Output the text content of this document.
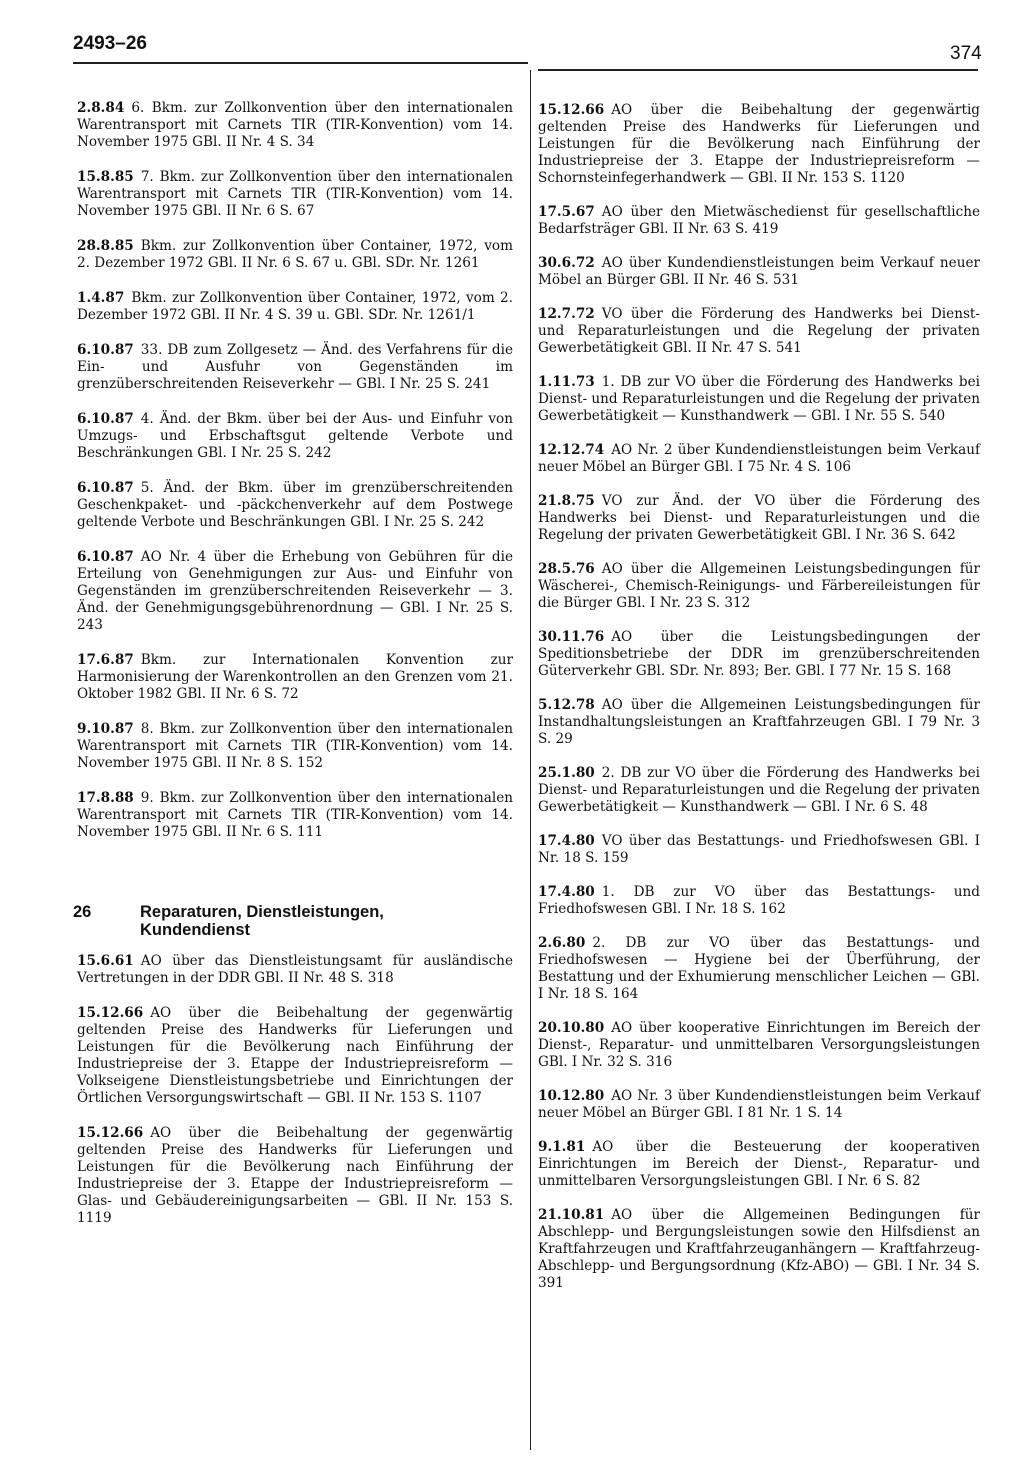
2493–26	374
2.8.84 6. Bkm. zur Zollkonvention über den internationalen Warentransport mit Carnets TIR (TIR-Konvention) vom 14. November 1975 GBl. II Nr. 4 S. 34
15.8.85 7. Bkm. zur Zollkonvention über den internationalen Warentransport mit Carnets TIR (TIR-Konvention) vom 14. November 1975 GBl. II Nr. 6 S. 67
28.8.85 Bkm. zur Zollkonvention über Container, 1972, vom 2. Dezember 1972 GBl. II Nr. 6 S. 67 u. GBl. SDr. Nr. 1261
1.4.87 Bkm. zur Zollkonvention über Container, 1972, vom 2. Dezember 1972 GBl. II Nr. 4 S. 39 u. GBl. SDr. Nr. 1261/1
6.10.87 33. DB zum Zollgesetz — Änd. des Verfahrens für die Ein- und Ausfuhr von Gegenständen im grenzüberschreitenden Reiseverkehr — GBl. I Nr. 25 S. 241
6.10.87 4. Änd. der Bkm. über bei der Aus- und Einfuhr von Umzugs- und Erbschaftsgut geltende Verbote und Beschränkungen GBl. I Nr. 25 S. 242
6.10.87 5. Änd. der Bkm. über im grenzüberschreitenden Geschenkpaket- und -päckchenverkehr auf dem Postwege geltende Verbote und Beschränkungen GBl. I Nr. 25 S. 242
6.10.87 AO Nr. 4 über die Erhebung von Gebühren für die Erteilung von Genehmigungen zur Aus- und Einfuhr von Gegenständen im grenzüberschreitenden Reiseverkehr — 3. Änd. der Genehmigungsgebührenordnung — GBl. I Nr. 25 S. 243
17.6.87 Bkm. zur Internationalen Konvention zur Harmonisierung der Warenkontrollen an den Grenzen vom 21. Oktober 1982 GBl. II Nr. 6 S. 72
9.10.87 8. Bkm. zur Zollkonvention über den internationalen Warentransport mit Carnets TIR (TIR-Konvention) vom 14. November 1975 GBl. II Nr. 8 S. 152
17.8.88 9. Bkm. zur Zollkonvention über den internationalen Warentransport mit Carnets TIR (TIR-Konvention) vom 14. November 1975 GBl. II Nr. 6 S. 111
26	Reparaturen, Dienstleistungen,
Kundendienst
15.6.61 AO über das Dienstleistungsamt für ausländische Vertretungen in der DDR GBl. II Nr. 48 S. 318
15.12.66 AO über die Beibehaltung der gegenwärtig geltenden Preise des Handwerks für Lieferungen und Leistungen für die Bevölkerung nach Einführung der Industriepreise der 3. Etappe der Industriepreisreform — Volkseigene Dienstleistungsbetriebe und Einrichtungen der Örtlichen Versorgungswirtschaft — GBl. II Nr. 153 S. 1107
15.12.66 AO über die Beibehaltung der gegenwärtig geltenden Preise des Handwerks für Lieferungen und Leistungen für die Bevölkerung nach Einführung der Industriepreise der 3. Etappe der Industriepreisreform — Glas- und Gebäudereinigungsarbeiten — GBl. II Nr. 153 S. 1119
15.12.66 AO über die Beibehaltung der gegenwärtig geltenden Preise des Handwerks für Lieferungen und Leistungen für die Bevölkerung nach Einführung der Industriepreise der 3. Etappe der Industriepreisreform — Schornsteinfegerhandwerk — GBl. II Nr. 153 S. 1120
17.5.67 AO über den Mietwäschedienst für gesellschaftliche Bedarfsträger GBl. II Nr. 63 S. 419
30.6.72 AO über Kundendienstleistungen beim Verkauf neuer Möbel an Bürger GBl. II Nr. 46 S. 531
12.7.72 VO über die Förderung des Handwerks bei Dienst- und Reparaturleistungen und die Regelung der privaten Gewerbetätigkeit GBl. II Nr. 47 S. 541
1.11.73 1. DB zur VO über die Förderung des Handwerks bei Dienst- und Reparaturleistungen und die Regelung der privaten Gewerbetätigkeit — Kunsthandwerk — GBl. I Nr. 55 S. 540
12.12.74 AO Nr. 2 über Kundendienstleistungen beim Verkauf neuer Möbel an Bürger GBl. I 75 Nr. 4 S. 106
21.8.75 VO zur Änd. der VO über die Förderung des Handwerks bei Dienst- und Reparaturleistungen und die Regelung der privaten Gewerbetätigkeit GBl. I Nr. 36 S. 642
28.5.76 AO über die Allgemeinen Leistungsbedingungen für Wäscherei-, Chemisch-Reinigungs- und Färbereileistungen für die Bürger GBl. I Nr. 23 S. 312
30.11.76 AO über die Leistungsbedingungen der Speditionsbetriebe der DDR im grenzüberschreitenden Güterverkehr GBl. SDr. Nr. 893; Ber. GBl. I 77 Nr. 15 S. 168
5.12.78 AO über die Allgemeinen Leistungsbedingungen für Instandhaltungsleistungen an Kraftfahrzeugen GBl. I 79 Nr. 3 S. 29
25.1.80 2. DB zur VO über die Förderung des Handwerks bei Dienst- und Reparaturleistungen und die Regelung der privaten Gewerbetätigkeit — Kunsthandwerk — GBl. I Nr. 6 S. 48
17.4.80 VO über das Bestattungs- und Friedhofswesen GBl. I Nr. 18 S. 159
17.4.80 1. DB zur VO über das Bestattungs- und Friedhofswesen GBl. I Nr. 18 S. 162
2.6.80 2. DB zur VO über das Bestattungs- und Friedhofswesen — Hygiene bei der Überführung, der Bestattung und der Exhumierung menschlicher Leichen — GBl. I Nr. 18 S. 164
20.10.80 AO über kooperative Einrichtungen im Bereich der Dienst-, Reparatur- und unmittelbaren Versorgungsleistungen GBl. I Nr. 32 S. 316
10.12.80 AO Nr. 3 über Kundendienstleistungen beim Verkauf neuer Möbel an Bürger GBl. I 81 Nr. 1 S. 14
9.1.81 AO über die Besteuerung der kooperativen Einrichtungen im Bereich der Dienst-, Reparatur- und unmittelbaren Versorgungsleistungen GBl. I Nr. 6 S. 82
21.10.81 AO über die Allgemeinen Bedingungen für Abschlepp- und Bergungsleistungen sowie den Hilfsdienst an Kraftfahrzeugen und Kraftfahrzeuganhängern — Kraftfahrzeug-Abschlepp- und Bergungsordnung (Kfz-ABO) — GBl. I Nr. 34 S. 391
